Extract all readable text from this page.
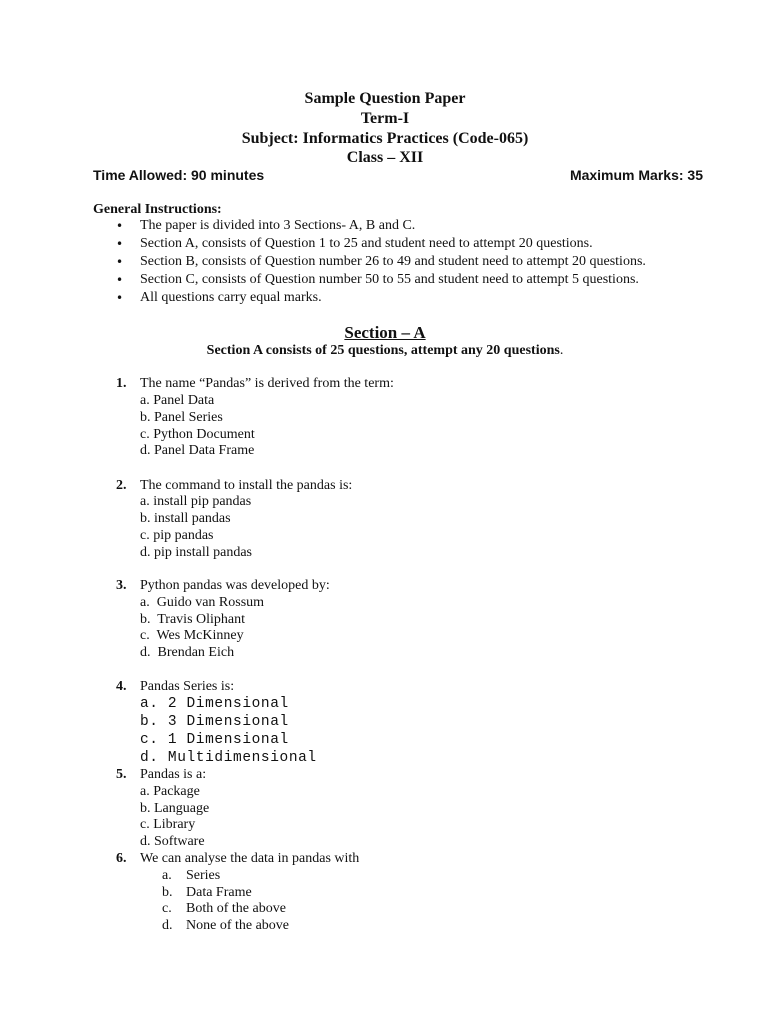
Sample Question Paper
Term-I
Subject: Informatics Practices (Code-065)
Class – XII
Time Allowed: 90 minutes	Maximum Marks: 35
General Instructions:
• The paper is divided into 3 Sections- A, B and C.
• Section A, consists of Question 1 to 25 and student need to attempt 20 questions.
• Section B, consists of Question number 26 to 49 and student need to attempt 20 questions.
• Section C, consists of Question number 50 to 55 and student need to attempt 5 questions.
• All questions carry equal marks.
Section – A
Section A consists of 25 questions, attempt any 20 questions.
1. The name “Pandas” is derived from the term:
a. Panel Data
b. Panel Series
c. Python Document
d. Panel Data Frame
2. The command to install the pandas is:
a. install pip pandas
b. install pandas
c. pip pandas
d. pip install pandas
3. Python pandas was developed by:
a.  Guido van Rossum
b.  Travis Oliphant
c.  Wes McKinney
d.  Brendan Eich
4. Pandas Series is:
a. 2 Dimensional
b. 3 Dimensional
c. 1 Dimensional
d. Multidimensional
5. Pandas is a:
a. Package
b. Language
c. Library
d. Software
6. We can analyse the data in pandas with
a. Series
b. Data Frame
c. Both of the above
d. None of the above
